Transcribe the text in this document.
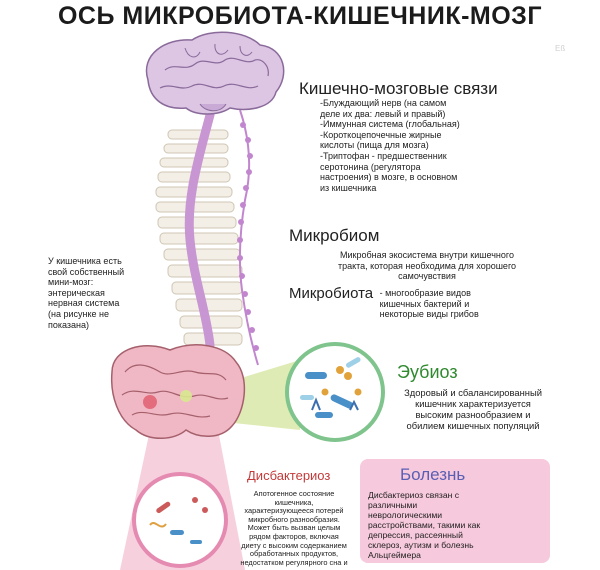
ОСЬ МИКРОБИОТА-КИШЕЧНИК-МОЗГ
Eß
Кишечно-мозговые связи
-Блуждающий нерв (на самом
деле их два: левый и правый)
-Иммунная система (глобальная)
-Короткоцепочечные жирные
кислоты (пища для мозга)
-Триптофан - предшественник
серотонина (регулятора
настроения) в мозге, в основном
из кишечника
Микробиом
Микробная экосистема внутри кишечного
тракта, которая необходима для хорошего
самочувствия
Микробиота - многообразие видов
кишечных бактерий и
некоторые виды грибов
У кишечника есть
свой собственный
мини-мозг:
энтерическая
нервная система
(на рисунке не
показана)
Эубиоз
Здоровый и сбалансированный
кишечник характеризуется
высоким разнообразием и
обилием кишечных популяций
Дисбактериоз
Апотогенное состояние
кишечника,
характеризующееся потерей
микробного разнообразия.
Может быть вызван целым
рядом факторов, включая
диету с высоким содержанием
обработанных продуктов,
недостатком регулярного сна и
Болезнь
Дисбактериоз связан с
различными
неврологическими
расстройствами, такими как
депрессия, рассеянный
склероз, аутизм и болезнь
Альцгеймера
